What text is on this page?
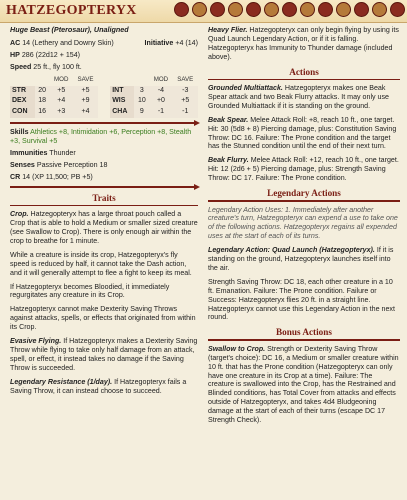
HATZEGOPTERYX
Huge Beast (Pterosaur), Unaligned
AC 14 (Lethery and Downy Skin)	Initiative +4 (14)
HP 286 (22d12 + 154)
Speed 25 ft., fly 100 ft.
		MOD	SAVE				MOD	SAVE
STR	20	+5	+5		INT	3	-4	-3
DEX	18	+4	+9		WIS	10	+0	+5
CON	16	+3	+4		CHA	9	-1	-1
Skills Athletics +8, Intimidation +6, Perception +8, Stealth +3, Survival +5
Immunities Thunder
Senses Passive Perception 18
CR 14 (XP 11,500; PB +5)
Traits

Crop. Hatzegopteryx has a large throat pouch called a Crop that is able to hold a Medium or smaller sized creature (see Swallow to Crop). There is only enough air within the crop to breathe for 1 minute.

While a creature is inside its crop, Hatzegopteryx's fly speed is reduced by half, it cannot take the Dash action, and it will generally attempt to flee a fight to keep its meal.

If Hatzegopteryx becomes Bloodied, it immediately regurgitates any creature in its Crop.

Hatzegopteryx cannot make Dexterity Saving Throws against attacks, spells, or effects that originated from within its Crop.

Evasive Flying. If Hatzegopteryx makes a Dexterity Saving Throw while flying to take only half damage from an attack, spell, or effect, it instead takes no damage if the Saving Throw is succeeded.

Legendary Resistance (1/day). If Hatzegopteryx fails a Saving Throw, it can instead choose to succeed.

Heavy Flier. Hatzegopteryx can only begin flying by using its Quad Launch Legendary Action, or if it is falling. Hatzegopteryx has Immunity to Thunder damage (included above).

Actions

Grounded Multiattack. Hatzegopteryx makes one Beak Spear attack and two Beak Flurry attacks. It may only use Grounded Multiattack if it is standing on the ground.

Beak Spear. Melee Attack Roll: +8, reach 10 ft., one target. Hit: 30 (5d8 + 8) Piercing damage, plus: Constitution Saving Throw: DC 16. Failure: The Prone condition and the target has the Stunned condition until the end of their next turn.

Beak Flurry. Melee Attack Roll: +12, reach 10 ft., one target. Hit: 12 (2d6 + 5) Piercing damage, plus: Strength Saving Throw: DC 17. Failure: The Prone condition.

Legendary Actions

Legendary Action Uses: 1. Immediately after another creature's turn, Hatzegopteryx can expend a use to take one of the following actions. Hatzegopteryx regains all expended uses at the start of each of its turns.

Legendary Action: Quad Launch (Hatzegopteryx). If it is standing on the ground, Hatzegopteryx launches itself into the air.

Strength Saving Throw: DC 18, each other creature in a 10 ft. Emanation. Failure: The Prone condition. Failure or Success: Hatzegopteryx flies 20 ft. in a straight line. Hatzegopteryx cannot use this Legendary Action in the next round.

Bonus Actions

Swallow to Crop. Strength or Dexterity Saving Throw (target's choice): DC 16, a Medium or smaller creature within 10 ft. that has the Prone condition (Hatzegopteryx can only have one creature in its Crop at a time). Failure: The creature is swallowed into the Crop, has the Restrained and Blinded conditions, has Total Cover from attacks and effects outside of Hatzegopteryx, and takes 4d4 Bludgeoning damage at the start of each of their turns (escape DC 17 Strength Check).
